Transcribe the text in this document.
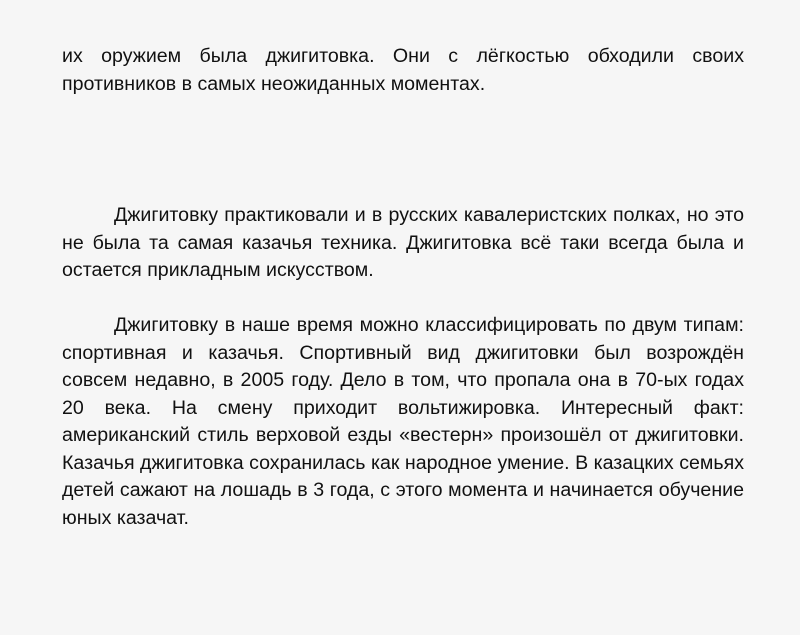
их оружием была джигитовка. Они с лёгкостью обходили своих противников в самых неожиданных моментах.

Джигитовку практиковали и в русских кавалеристских полках, но это не была та самая казачья техника. Джигитовка всё таки всегда была и остается прикладным искусством.

Джигитовку в наше время можно классифицировать по двум типам: спортивная и казачья. Спортивный вид джигитовки был возрождён совсем недавно, в 2005 году. Дело в том, что пропала она в 70-ых годах 20 века. На смену приходит вольтижировка. Интересный факт: американский стиль верховой езды «вестерн» произошёл от джигитовки. Казачья джигитовка сохранилась как народное умение. В казацких семьях детей сажают на лошадь в 3 года, с этого момента и начинается обучение юных казачат.
